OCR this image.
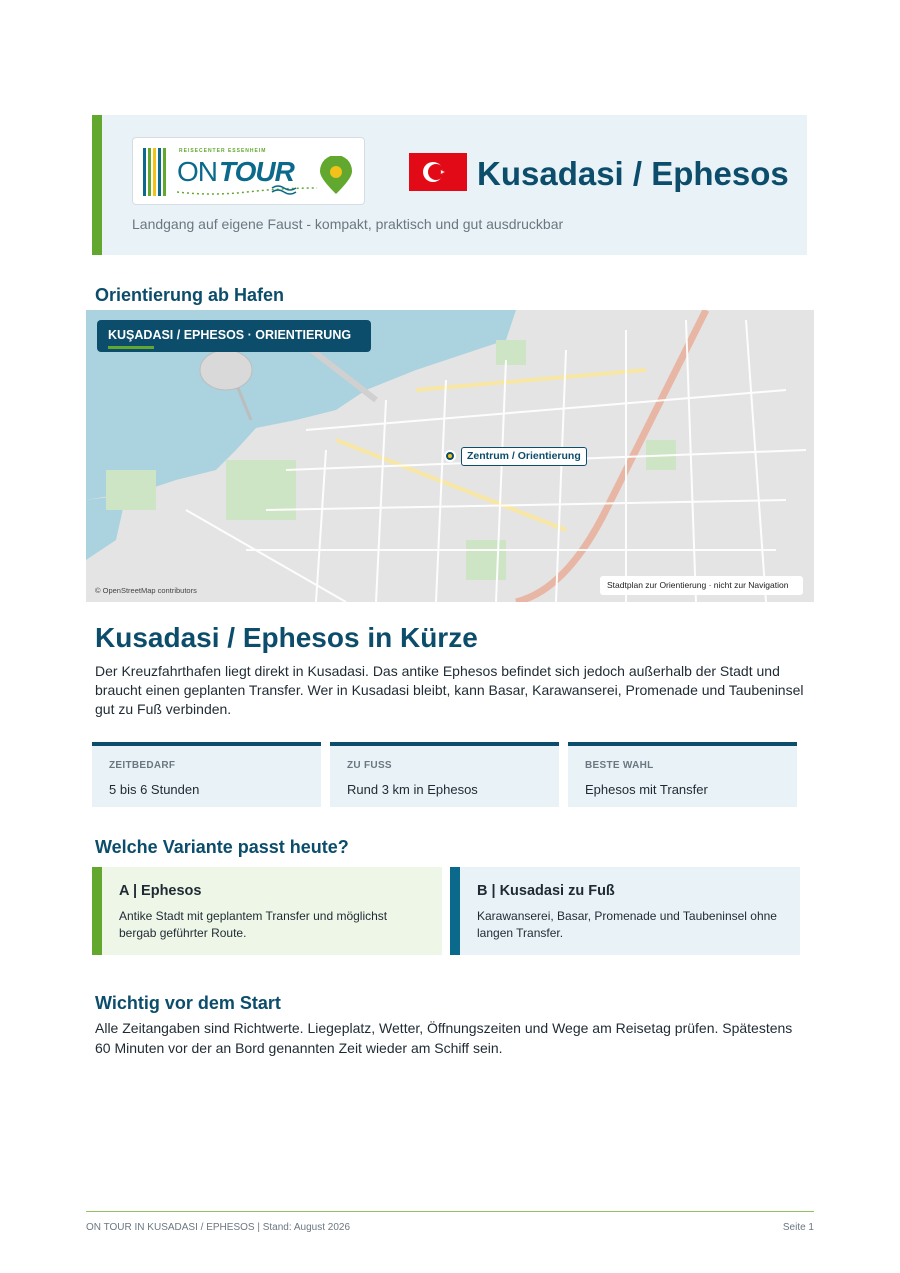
REISECENTER ESSENHEIM
ON TOUR	Kusadasi / Ephesos
Landgang auf eigene Faust - kompakt, praktisch und gut ausdruckbar
Orientierung ab Hafen
KUŞADASI / EPHESOS · ORIENTIERUNG
Zentrum / Orientierung
© OpenStreetMap contributors
Stadtplan zur Orientierung · nicht zur Navigation
Kusadasi / Ephesos in Kürze
Der Kreuzfahrthafen liegt direkt in Kusadasi. Das antike Ephesos befindet sich jedoch außerhalb der Stadt und braucht einen geplanten Transfer. Wer in Kusadasi bleibt, kann Basar, Karawanserei, Promenade und Taubeninsel gut zu Fuß verbinden.
ZEITBEDARF
5 bis 6 Stunden
ZU FUSS
Rund 3 km in Ephesos
BESTE WAHL
Ephesos mit Transfer
Welche Variante passt heute?
A | Ephesos
Antike Stadt mit geplantem Transfer und möglichst bergab geführter Route.
B | Kusadasi zu Fuß
Karawanserei, Basar, Promenade und Taubeninsel ohne langen Transfer.
Wichtig vor dem Start
Alle Zeitangaben sind Richtwerte. Liegeplatz, Wetter, Öffnungszeiten und Wege am Reisetag prüfen. Spätestens 60 Minuten vor der an Bord genannten Zeit wieder am Schiff sein.
ON TOUR IN KUSADASI / EPHESOS | Stand: August 2026	Seite 1
